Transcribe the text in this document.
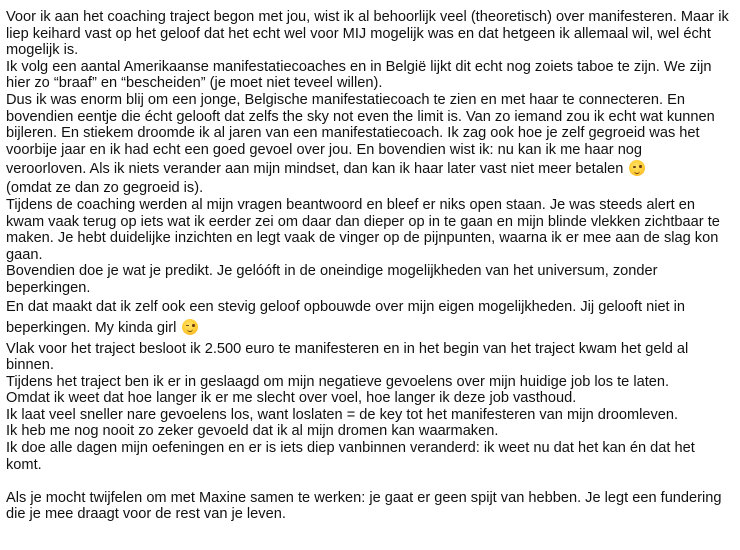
Voor ik aan het coaching traject begon met jou, wist ik al behoorlijk veel (theoretisch) over manifesteren. Maar ik liep keihard vast op het geloof dat het echt wel voor MIJ mogelijk was en dat hetgeen ik allemaal wil, wel écht mogelijk is.

Ik volg een aantal Amerikaanse manifestatiecoaches en in België lijkt dit echt nog zoiets taboe te zijn. We zijn hier zo “braaf” en “bescheiden” (je moet niet teveel willen).

Dus ik was enorm blij om een jonge, Belgische manifestatiecoach te zien en met haar te connecteren. En bovendien eentje die écht gelooft dat zelfs the sky not even the limit is. Van zo iemand zou ik echt wat kunnen bijleren. En stiekem droomde ik al jaren van een manifestatiecoach. Ik zag ook hoe je zelf gegroeid was het voorbije jaar en ik had echt een goed gevoel over jou. En bovendien wist ik: nu kan ik me haar nog

veroorloven. Als ik niets verander aan mijn mindset, dan kan ik haar later vast niet meer betalen

(omdat ze dan zo gegroeid is).

Tijdens de coaching werden al mijn vragen beantwoord en bleef er niks open staan. Je was steeds alert en kwam vaak terug op iets wat ik eerder zei om daar dan dieper op in te gaan en mijn blinde vlekken zichtbaar te maken. Je hebt duidelijke inzichten en legt vaak de vinger op de pijnpunten, waarna ik er mee aan de slag kon gaan.

Bovendien doe je wat je predikt. Je gelóóft in de oneindige mogelijkheden van het universum, zonder beperkingen.

En dat maakt dat ik zelf ook een stevig geloof opbouwde over mijn eigen mogelijkheden. Jij gelooft niet in

beperkingen. My kinda girl

Vlak voor het traject besloot ik 2.500 euro te manifesteren en in het begin van het traject kwam het geld al binnen.

Tijdens het traject ben ik er in geslaagd om mijn negatieve gevoelens over mijn huidige job los te laten.

Omdat ik weet dat hoe langer ik er me slecht over voel, hoe langer ik deze job vasthoud.

Ik laat veel sneller nare gevoelens los, want loslaten = de key tot het manifesteren van mijn droomleven.

Ik heb me nog nooit zo zeker gevoeld dat ik al mijn dromen kan waarmaken.

Ik doe alle dagen mijn oefeningen en er is iets diep vanbinnen veranderd: ik weet nu dat het kan én dat het komt.

Als je mocht twijfelen om met Maxine samen te werken: je gaat er geen spijt van hebben. Je legt een fundering die je mee draagt voor de rest van je leven.
